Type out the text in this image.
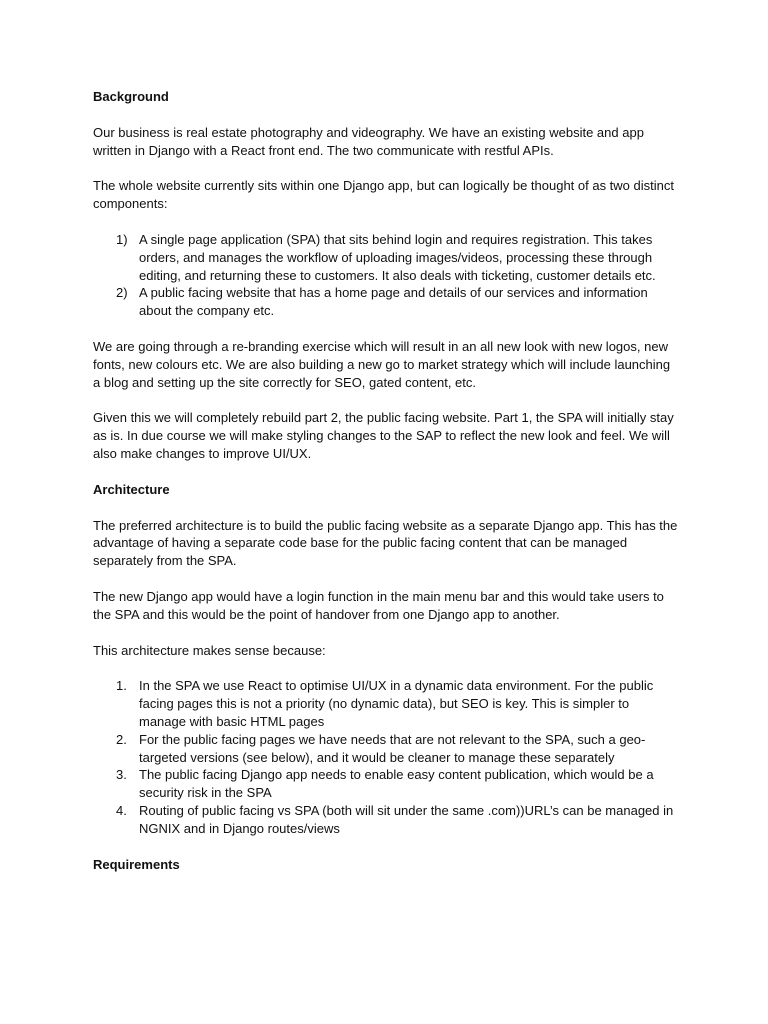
Background

Our business is real estate photography and videography. We have an existing website and app written in Django with a React front end. The two communicate with restful APIs.

The whole website currently sits within one Django app, but can logically be thought of as two distinct components:

1) A single page application (SPA) that sits behind login and requires registration. This takes orders, and manages the workflow of uploading images/videos, processing these through editing, and returning these to customers. It also deals with ticketing, customer details etc.
2) A public facing website that has a home page and details of our services and information about the company etc.

We are going through a re-branding exercise which will result in an all new look with new logos, new fonts, new colours etc. We are also building a new go to market strategy which will include launching a blog and setting up the site correctly for SEO, gated content, etc.

Given this we will completely rebuild part 2, the public facing website. Part 1, the SPA will initially stay as is. In due course we will make styling changes to the SAP to reflect the new look and feel. We will also make changes to improve UI/UX.

Architecture

The preferred architecture is to build the public facing website as a separate Django app. This has the advantage of having a separate code base for the public facing content that can be managed separately from the SPA.

The new Django app would have a login function in the main menu bar and this would take users to the SPA and this would be the point of handover from one Django app to another.

This architecture makes sense because:

1. In the SPA we use React to optimise UI/UX in a dynamic data environment. For the public facing pages this is not a priority (no dynamic data), but SEO is key. This is simpler to manage with basic HTML pages
2. For the public facing pages we have needs that are not relevant to the SPA, such a geo-targeted versions (see below), and it would be cleaner to manage these separately
3. The public facing Django app needs to enable easy content publication, which would be a security risk in the SPA
4. Routing of public facing vs SPA (both will sit under the same .com))URL’s can be managed in NGNIX and in Django routes/views
Requirements
